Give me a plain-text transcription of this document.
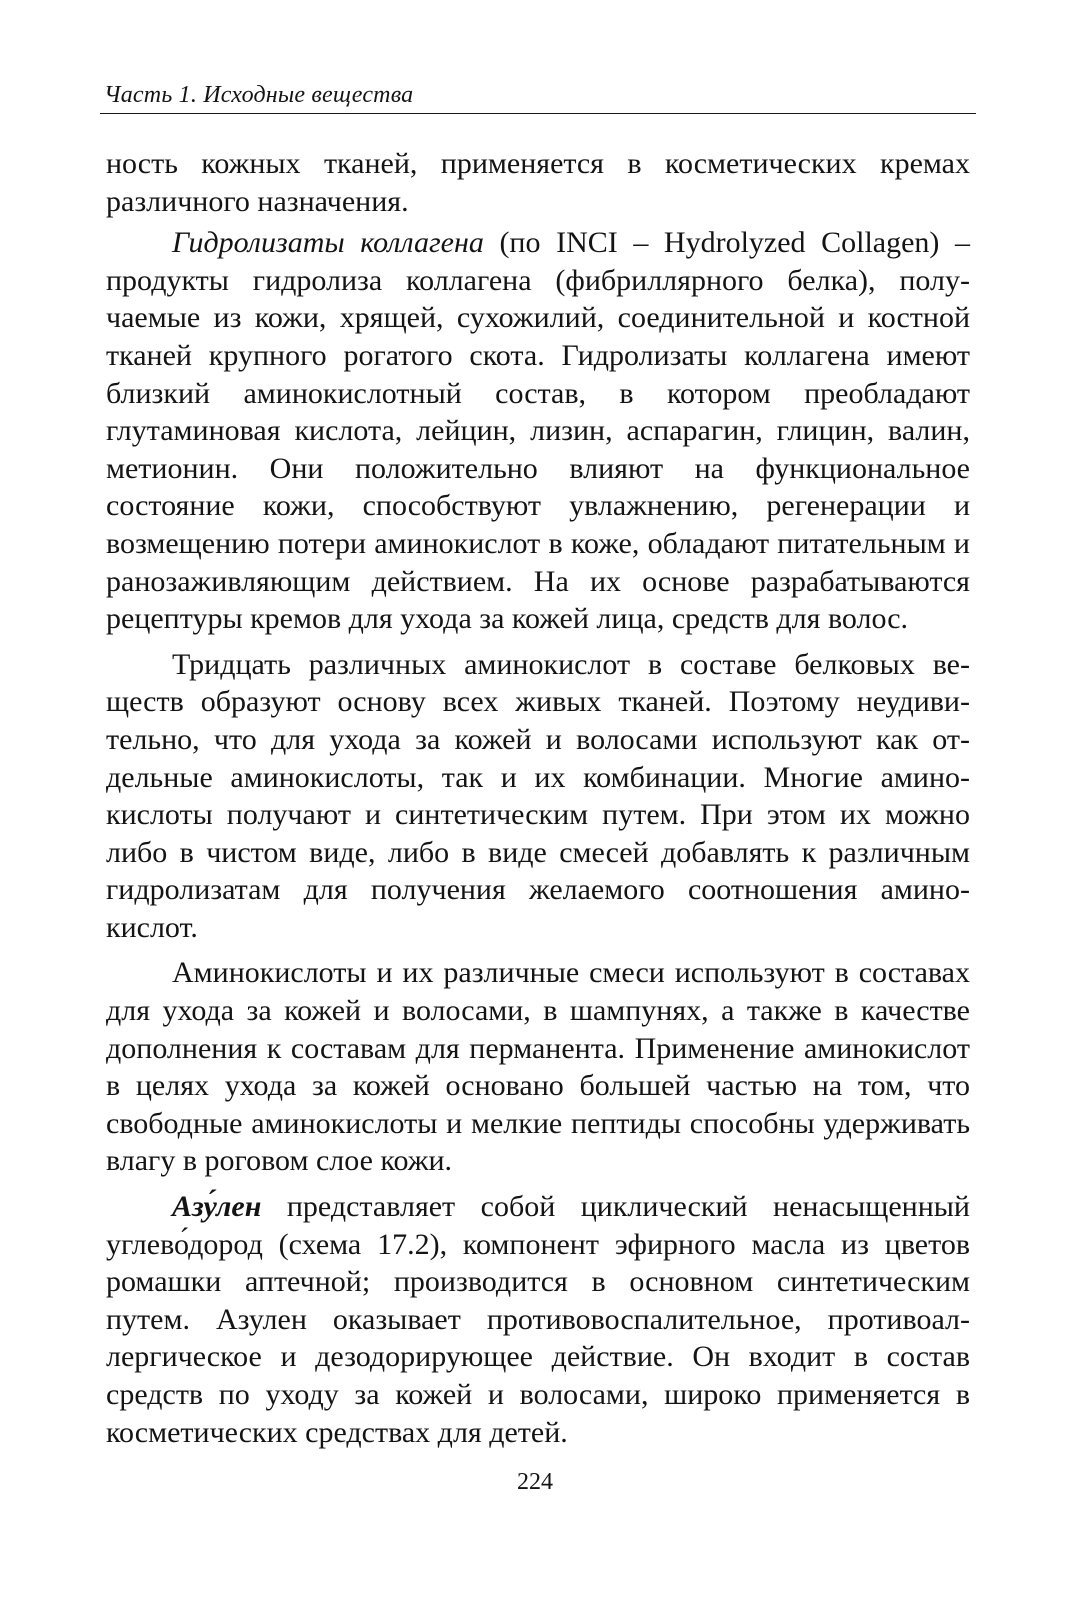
Часть 1. Исходные вещества

ность кожных тканей, применяется в косметических кремах различного назначения.

Гидролизаты коллагена (по INCI – Hydrolyzed Collagen) – продукты гидролиза коллагена (фибриллярного белка), получаемые из кожи, хрящей, сухожилий, соединительной и костной тканей крупного рогатого скота. Гидролизаты коллагена имеют близкий аминокислотный состав, в котором преобладают глутаминовая кислота, лейцин, лизин, аспарагин, глицин, валин, метионин. Они положительно влияют на функциональное состояние кожи, способствуют увлажнению, регенерации и возмещению потери аминокислот в коже, обладают питательным и ранозаживляющим действием. На их основе разрабатываются рецептуры кремов для ухода за кожей лица, средств для волос.

Тридцать различных аминокислот в составе белковых веществ образуют основу всех живых тканей. Поэтому неудивительно, что для ухода за кожей и волосами используют как отдельные аминокислоты, так и их комбинации. Многие аминокислоты получают и синтетическим путем. При этом их можно либо в чистом виде, либо в виде смесей добавлять к различным гидролизатам для получения желаемого соотношения аминокислот.

Аминокислоты и их различные смеси используют в составах для ухода за кожей и волосами, в шампунях, а также в качестве дополнения к составам для перманента. Применение аминокислот в целях ухода за кожей основано большей частью на том, что свободные аминокислоты и мелкие пептиды способны удерживать влагу в роговом слое кожи.

Азу́лен представляет собой циклический ненасыщенный углево́дород (схема 17.2), компонент эфирного масла из цветов ромашки аптечной; производится в основном синтетическим путем. Азулен оказывает противовоспалительное, противоаллергическое и дезодорирующее действие. Он входит в состав средств по уходу за кожей и волосами, широко применяется в косметических средствах для детей.

224
